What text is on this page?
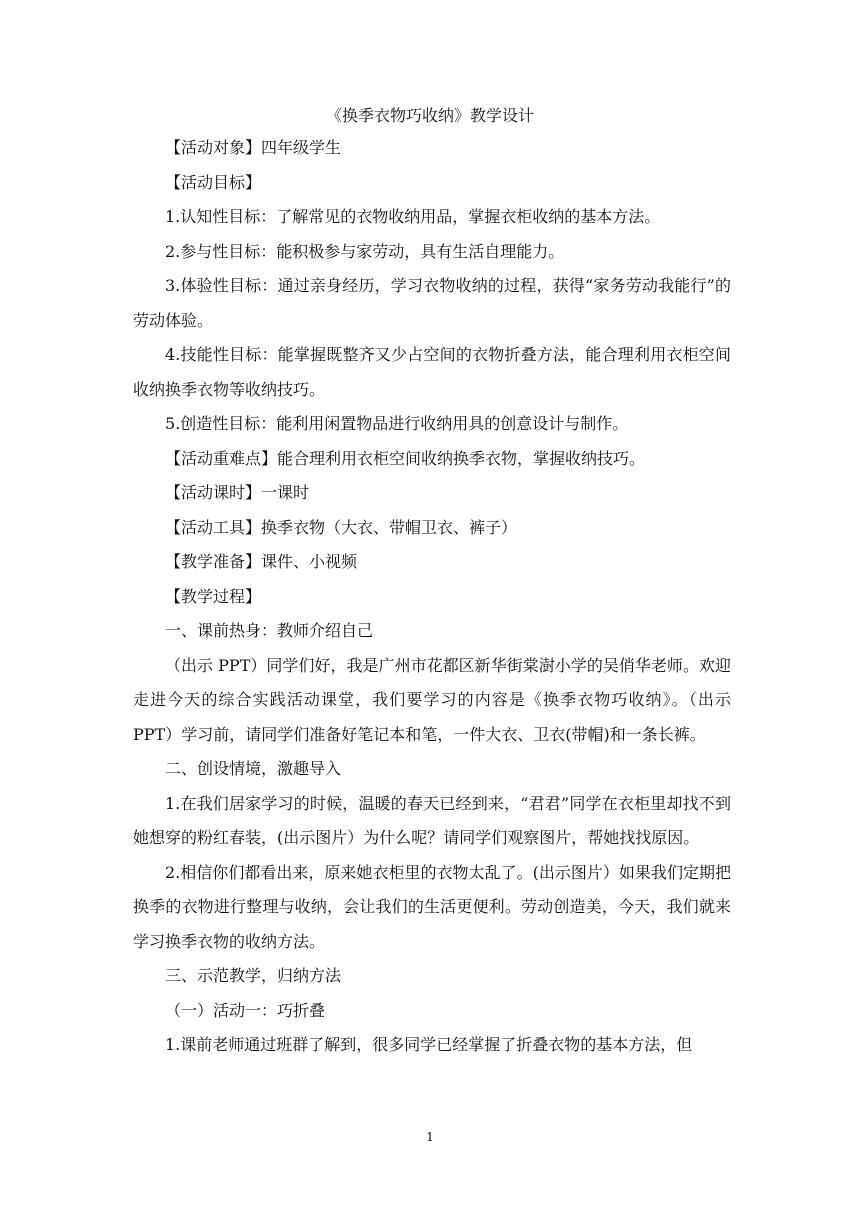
《换季衣物巧收纳》教学设计

【活动对象】四年级学生

【活动目标】

1.认知性目标：了解常见的衣物收纳用品，掌握衣柜收纳的基本方法。

2.参与性目标：能积极参与家劳动，具有生活自理能力。

3.体验性目标：通过亲身经历，学习衣物收纳的过程，获得“家务劳动我能行”的劳动体验。

4.技能性目标：能掌握既整齐又少占空间的衣物折叠方法，能合理利用衣柜空间收纳换季衣物等收纳技巧。

5.创造性目标：能利用闲置物品进行收纳用具的创意设计与制作。

【活动重难点】能合理利用衣柜空间收纳换季衣物，掌握收纳技巧。

【活动课时】一课时

【活动工具】换季衣物（大衣、带帽卫衣、裤子）

【教学准备】课件、小视频

【教学过程】

一、课前热身：教师介绍自己

（出示 PPT）同学们好，我是广州市花都区新华街棠澍小学的吴俏华老师。欢迎走进今天的综合实践活动课堂，我们要学习的内容是《换季衣物巧收纳》。（出示 PPT）学习前，请同学们准备好笔记本和笔，一件大衣、卫衣(带帽)和一条长裤。

二、创设情境，激趣导入

1.在我们居家学习的时候，温暖的春天已经到来，“君君”同学在衣柜里却找不到她想穿的粉红春装，(出示图片）为什么呢？请同学们观察图片，帮她找找原因。

2.相信你们都看出来，原来她衣柜里的衣物太乱了。(出示图片）如果我们定期把换季的衣物进行整理与收纳，会让我们的生活更便利。劳动创造美，今天，我们就来学习换季衣物的收纳方法。

三、示范教学，归纳方法

（一）活动一：巧折叠

1.课前老师通过班群了解到，很多同学已经掌握了折叠衣物的基本方法，但

1
